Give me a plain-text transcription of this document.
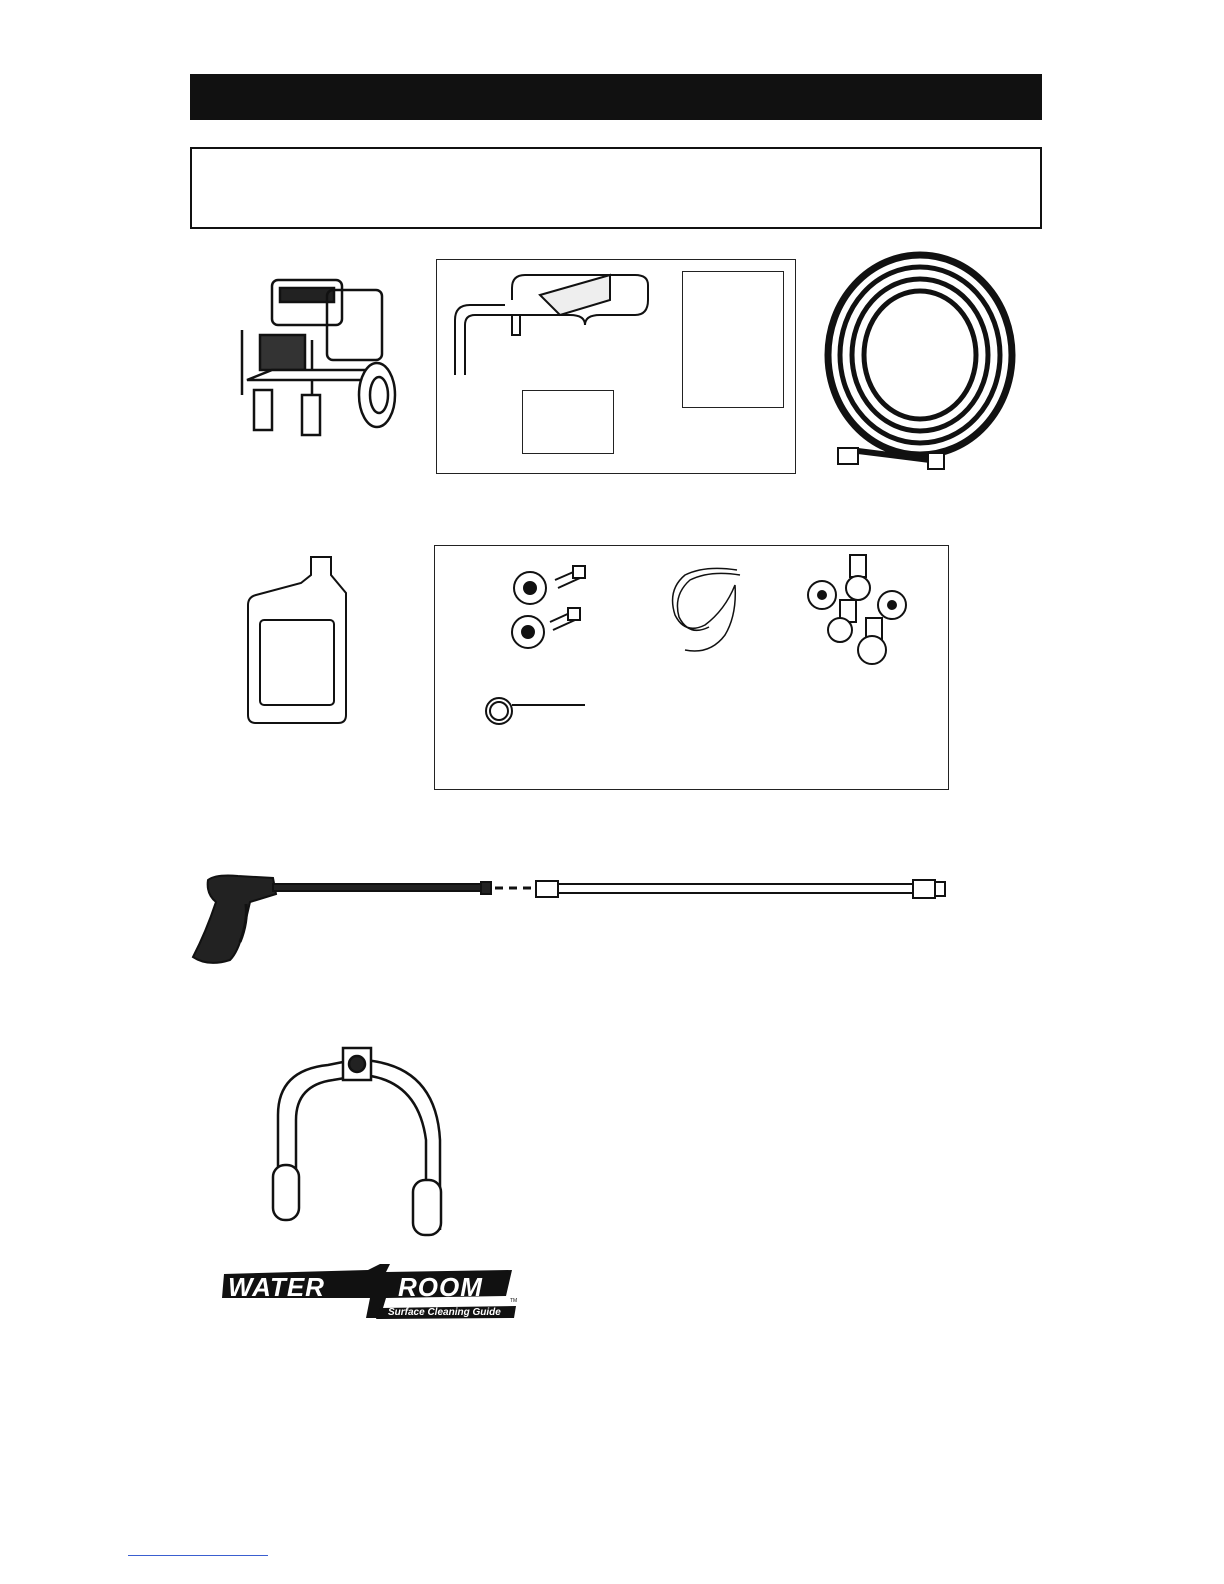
WATER	ROOM
Surface Cleaning Guide
TM
